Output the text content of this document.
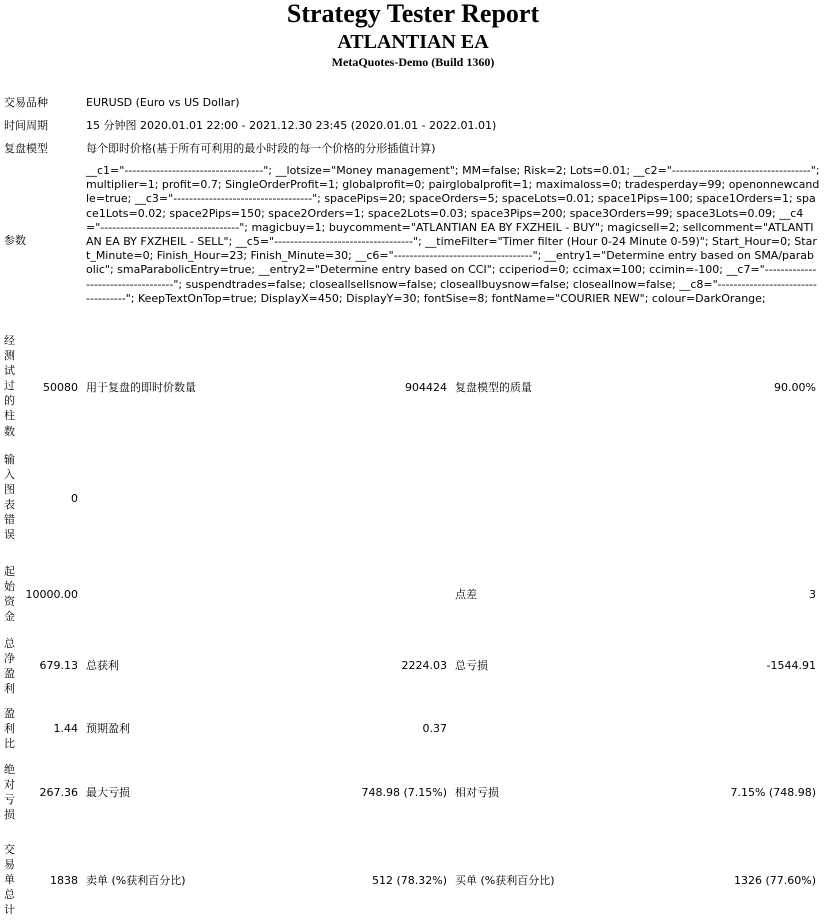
Strategy Tester Report
ATLANTIAN EA
MetaQuotes-Demo (Build 1360)
交易品种	EURUSD (Euro vs US Dollar)
时间周期	15 分钟图 2020.01.01 22:00 - 2021.12.30 23:45 (2020.01.01 - 2022.01.01)
复盘模型	每个即时价格(基于所有可利用的最小时段的每一个价格的分形插值计算)
参数
__c1="-----------------------------------"; __lotsize="Money management"; MM=false; Risk=2; Lots=0.01; __c2="-----------------------------------"; multiplier=1; profit=0.7; SingleOrderProfit=1; globalprofit=0; pairglobalprofit=1; maximaloss=0; tradesperday=99; openonnewcandle=true; __c3="-----------------------------------"; spacePips=20; spaceOrders=5; spaceLots=0.01; space1Pips=100; space1Orders=1; space1Lots=0.02; space2Pips=150; space2Orders=1; space2Lots=0.03; space3Pips=200; space3Orders=99; space3Lots=0.09; __c4="-----------------------------------"; magicbuy=1; buycomment="ATLANTIAN EA BY FXZHEIL - BUY"; magicsell=2; sellcomment="ATLANTIAN EA BY FXZHEIL - SELL"; __c5="-----------------------------------"; __timeFilter="Timer filter (Hour 0-24 Minute 0-59)"; Start_Hour=0; Start_Minute=0; Finish_Hour=23; Finish_Minute=30; __c6="-----------------------------------"; __entry1="Determine entry based on SMA/parabolic"; smaParabolicEntry=true; __entry2="Determine entry based on CCI"; cciperiod=0; ccimax=100; ccimin=-100; __c7="-----------------------------------"; suspendtrades=false; closeallsellsnow=false; closeallbuysnow=false; closeallnow=false; __c8="-----------------------------------"; KeepTextOnTop=true; DisplayX=450; DisplayY=30; fontSise=8; fontName="COURIER NEW"; colour=DarkOrange;
经测试过的柱数
50080 用于复盘的即时价数量	904424 复盘模型的质量	90.00%
输入图表错误
0
起始资金
10000.00	点差	3
总净盈利
679.13 总获利	2224.03 总亏损	-1544.91
盈利比
1.44 预期盈利	0.37
绝对亏损
267.36 最大亏损	748.98 (7.15%) 相对亏损	7.15% (748.98)
交易单总计
1838 卖单 (%获利百分比)	512 (78.32%) 买单 (%获利百分比)	1326 (77.60%)
